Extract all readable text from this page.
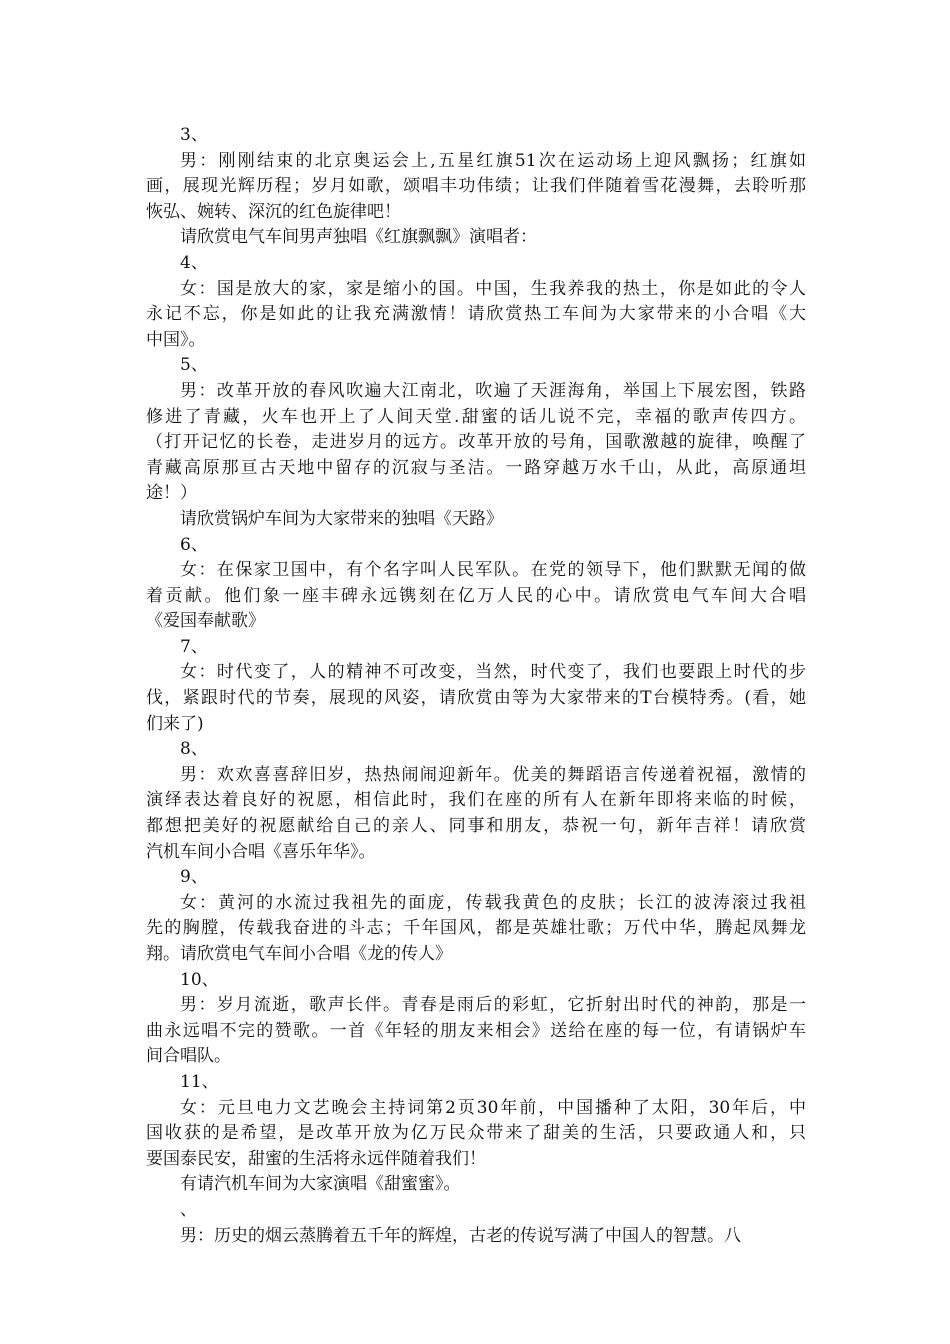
3、
男：刚刚结束的北京奥运会上,五星红旗51次在运动场上迎风飘扬；红旗如
画，展现光辉历程；岁月如歌，颂唱丰功伟绩；让我们伴随着雪花漫舞，去聆听那
恢弘、婉转、深沉的红色旋律吧！
请欣赏电气车间男声独唱《红旗飘飘》演唱者：
4、
女：国是放大的家，家是缩小的国。中国，生我养我的热土，你是如此的令人
永记不忘，你是如此的让我充满激情！请欣赏热工车间为大家带来的小合唱《大
中国》。
5、
男：改革开放的春风吹遍大江南北，吹遍了天涯海角，举国上下展宏图，铁路
修进了青藏，火车也开上了人间天堂.甜蜜的话儿说不完，幸福的歌声传四方。
（打开记忆的长卷，走进岁月的远方。改革开放的号角，国歌激越的旋律，唤醒了
青藏高原那亘古天地中留存的沉寂与圣洁。一路穿越万水千山，从此，高原通坦
途！）
请欣赏锅炉车间为大家带来的独唱《天路》
6、
女：在保家卫国中，有个名字叫人民军队。在党的领导下，他们默默无闻的做
着贡献。他们象一座丰碑永远镌刻在亿万人民的心中。请欣赏电气车间大合唱
《爱国奉献歌》
7、
女：时代变了，人的精神不可改变，当然，时代变了，我们也要跟上时代的步
伐，紧跟时代的节奏，展现的风姿，请欣赏由等为大家带来的T台模特秀。(看，她
们来了)
8、
男：欢欢喜喜辞旧岁，热热闹闹迎新年。优美的舞蹈语言传递着祝福，激情的
演绎表达着良好的祝愿，相信此时，我们在座的所有人在新年即将来临的时候，
都想把美好的祝愿献给自己的亲人、同事和朋友，恭祝一句，新年吉祥！请欣赏
汽机车间小合唱《喜乐年华》。
9、
女：黄河的水流过我祖先的面庞，传载我黄色的皮肤；长江的波涛滚过我祖
先的胸膛，传载我奋进的斗志；千年国风，都是英雄壮歌；万代中华，腾起凤舞龙
翔。请欣赏电气车间小合唱《龙的传人》
10、
男：岁月流逝，歌声长伴。青春是雨后的彩虹，它折射出时代的神韵，那是一
曲永远唱不完的赞歌。一首《年轻的朋友来相会》送给在座的每一位，有请锅炉车
间合唱队。
11、
女：元旦电力文艺晚会主持词第2页30年前，中国播种了太阳，30年后，中
国收获的是希望，是改革开放为亿万民众带来了甜美的生活，只要政通人和，只
要国泰民安，甜蜜的生活将永远伴随着我们！
有请汽机车间为大家演唱《甜蜜蜜》。
、
男：历史的烟云蒸腾着五千年的辉煌，古老的传说写满了中国人的智慧。八
